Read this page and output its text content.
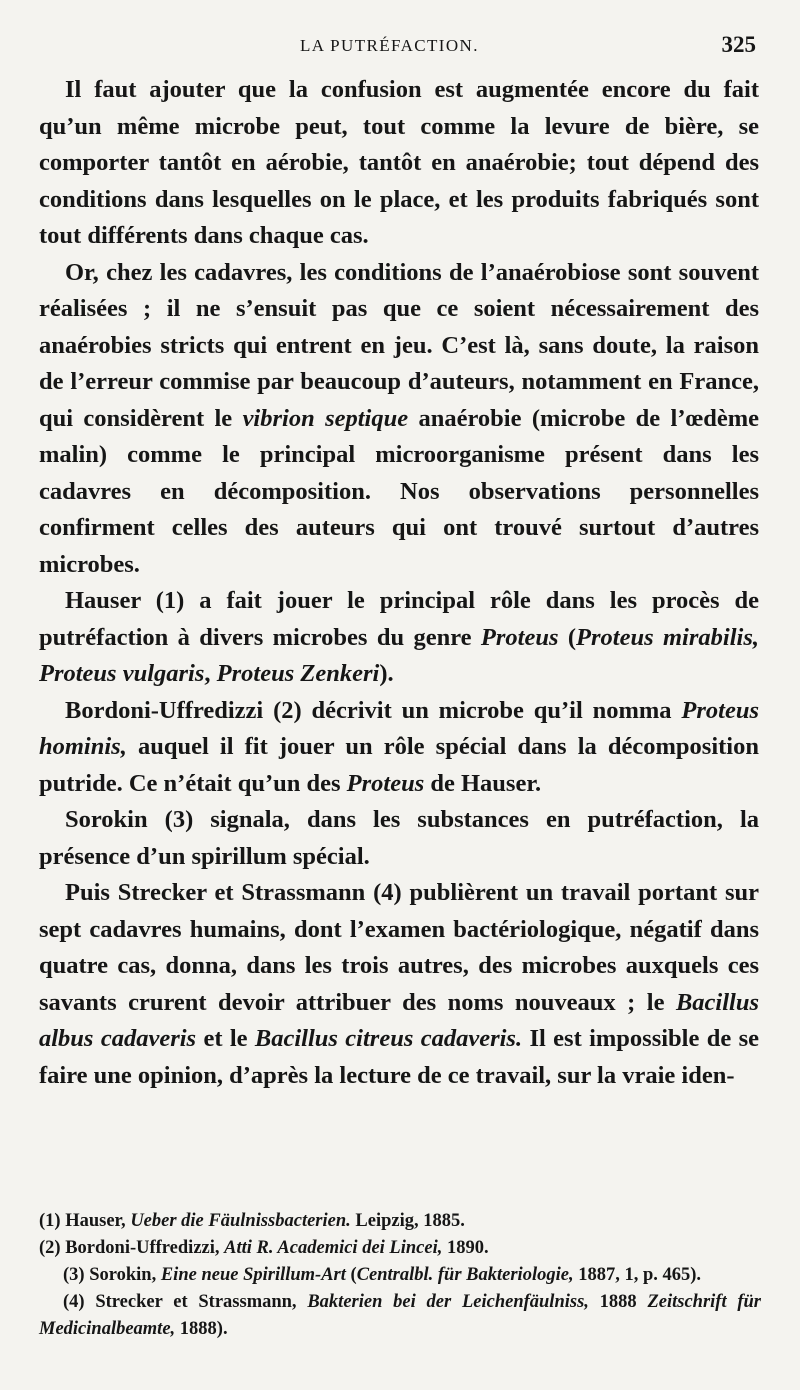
LA PUTRÉFACTION.	325

Il faut ajouter que la confusion est augmentée encore du fait qu’un même microbe peut, tout comme la levure de bière, se comporter tantôt en aérobie, tantôt en anaérobie; tout dépend des conditions dans lesquelles on le place, et les produits fabriqués sont tout différents dans chaque cas.

Or, chez les cadavres, les conditions de l’anaérobiose sont souvent réalisées ; il ne s’ensuit pas que ce soient nécessairement des anaérobies stricts qui entrent en jeu. C’est là, sans doute, la raison de l’erreur commise par beaucoup d’auteurs, notamment en France, qui considèrent le vibrion septique anaérobie (microbe de l’œdème malin) comme le principal microorganisme présent dans les cadavres en décomposition. Nos observations personnelles confirment celles des auteurs qui ont trouvé surtout d’autres microbes.

Hauser (1) a fait jouer le principal rôle dans les procès de putréfaction à divers microbes du genre Proteus (Proteus mirabilis, Proteus vulgaris, Proteus Zenkeri).

Bordoni-Uffredizzi (2) décrivit un microbe qu’il nomma Proteus hominis, auquel il fit jouer un rôle spécial dans la décomposition putride. Ce n’était qu’un des Proteus de Hauser.

Sorokin (3) signala, dans les substances en putréfaction, la présence d’un spirillum spécial.

Puis Strecker et Strassmann (4) publièrent un travail portant sur sept cadavres humains, dont l’examen bactériologique, négatif dans quatre cas, donna, dans les trois autres, des microbes auxquels ces savants crurent devoir attribuer des noms nouveaux ; le Bacillus albus cadaveris et le Bacillus citreus cadaveris. Il est impossible de se faire une opinion, d’après la lecture de ce travail, sur la vraie iden-

(1) Hauser, Ueber die Fäulnissbacterien. Leipzig, 1885.

(2) Bordoni-Uffredizzi, Atti R. Academici dei Lincei, 1890.

(3) Sorokin, Eine neue Spirillum-Art (Centralbl. für Bakteriologie, 1887, 1, p. 465).

(4) Strecker et Strassmann, Bakterien bei der Leichenfäulniss, 1888 Zeitschrift für Medicinalbeamte, 1888).
